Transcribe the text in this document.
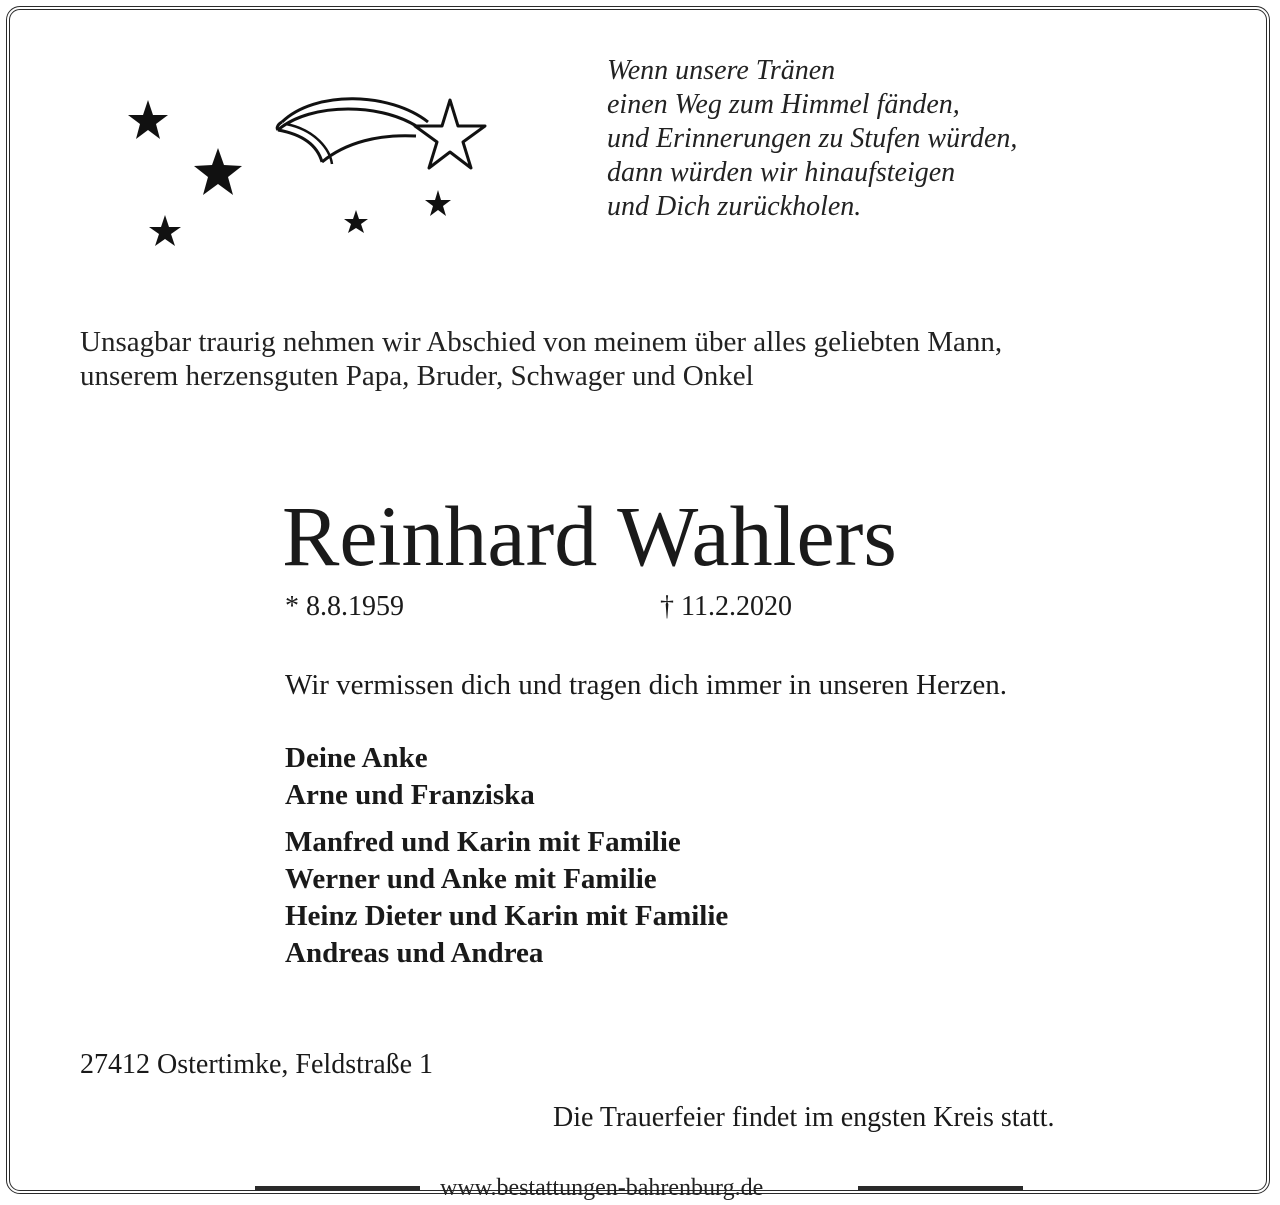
Wenn unsere Tränen
einen Weg zum Himmel fänden,
und Erinnerungen zu Stufen würden,
dann würden wir hinaufsteigen
und Dich zurückholen.
Unsagbar traurig nehmen wir Abschied von meinem über alles geliebten Mann,
unserem herzensguten Papa, Bruder, Schwager und Onkel
Reinhard Wahlers
* 8.8.1959	† 11.2.2020
Wir vermissen dich und tragen dich immer in unseren Herzen.
Deine Anke
Arne und Franziska
Manfred und Karin mit Familie
Werner und Anke mit Familie
Heinz Dieter und Karin mit Familie
Andreas und Andrea
27412 Ostertimke, Feldstraße 1
Die Trauerfeier findet im engsten Kreis statt.
www.bestattungen-bahrenburg.de
